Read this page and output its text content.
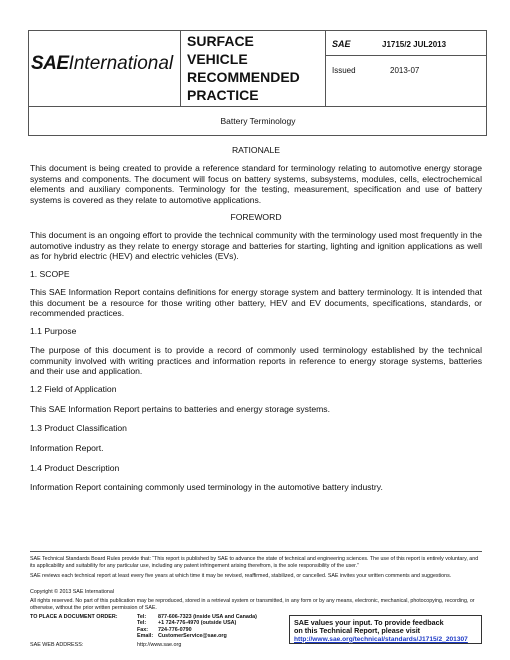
SAEInternational
SURFACE
VEHICLE
RECOMMENDED
PRACTICE
SAE	J1715/2 JUL2013
Issued	2013-07
Battery Terminology

RATIONALE

This document is being created to provide a reference standard for terminology relating to automotive energy storage systems and components. The document will focus on battery systems, subsystems, modules, cells, electrochemical elements and auxiliary components. Terminology for the testing, measurement, specification and use of battery systems is covered as they relate to automotive applications.

FOREWORD

This document is an ongoing effort to provide the technical community with the terminology used most frequently in the automotive industry as they relate to energy storage and batteries for starting, lighting and ignition applications as well as for hybrid electric (HEV) and electric vehicles (EVs).

1. SCOPE

This SAE Information Report contains definitions for energy storage system and battery terminology. It is intended that this document be a resource for those writing other battery, HEV and EV documents, specifications, standards, or recommended practices.

1.1 Purpose

The purpose of this document is to provide a record of commonly used terminology established by the technical community involved with writing practices and information reports in reference to energy storage systems, batteries and their use and application.

1.2 Field of Application

This SAE Information Report pertains to batteries and energy storage systems.

1.3 Product Classification

Information Report.

1.4 Product Description

Information Report containing commonly used terminology in the automotive battery industry.

SAE Technical Standards Board Rules provide that: “This report is published by SAE to advance the state of technical and engineering sciences. The use of this report is entirely voluntary, and its applicability and suitability for any particular use, including any patent infringement arising therefrom, is the sole responsibility of the user.”

SAE reviews each technical report at least every five years at which time it may be revised, reaffirmed, stabilized, or cancelled. SAE invites your written comments and suggestions.

Copyright © 2013 SAE International

All rights reserved. No part of this publication may be reproduced, stored in a retrieval system or transmitted, in any form or by any means, electronic, mechanical, photocopying, recording, or otherwise, without the prior written permission of SAE.

TO PLACE A DOCUMENT ORDER:	Tel: 877-606-7323 (inside USA and Canada)
Tel: +1 724-776-4970 (outside USA)
Fax: 724-776-0790
Email: CustomerService@sae.org
SAE WEB ADDRESS:	http://www.sae.org
SAE values your input. To provide feedback
on this Technical Report, please visit
http://www.sae.org/technical/standards/J1715/2_201307
